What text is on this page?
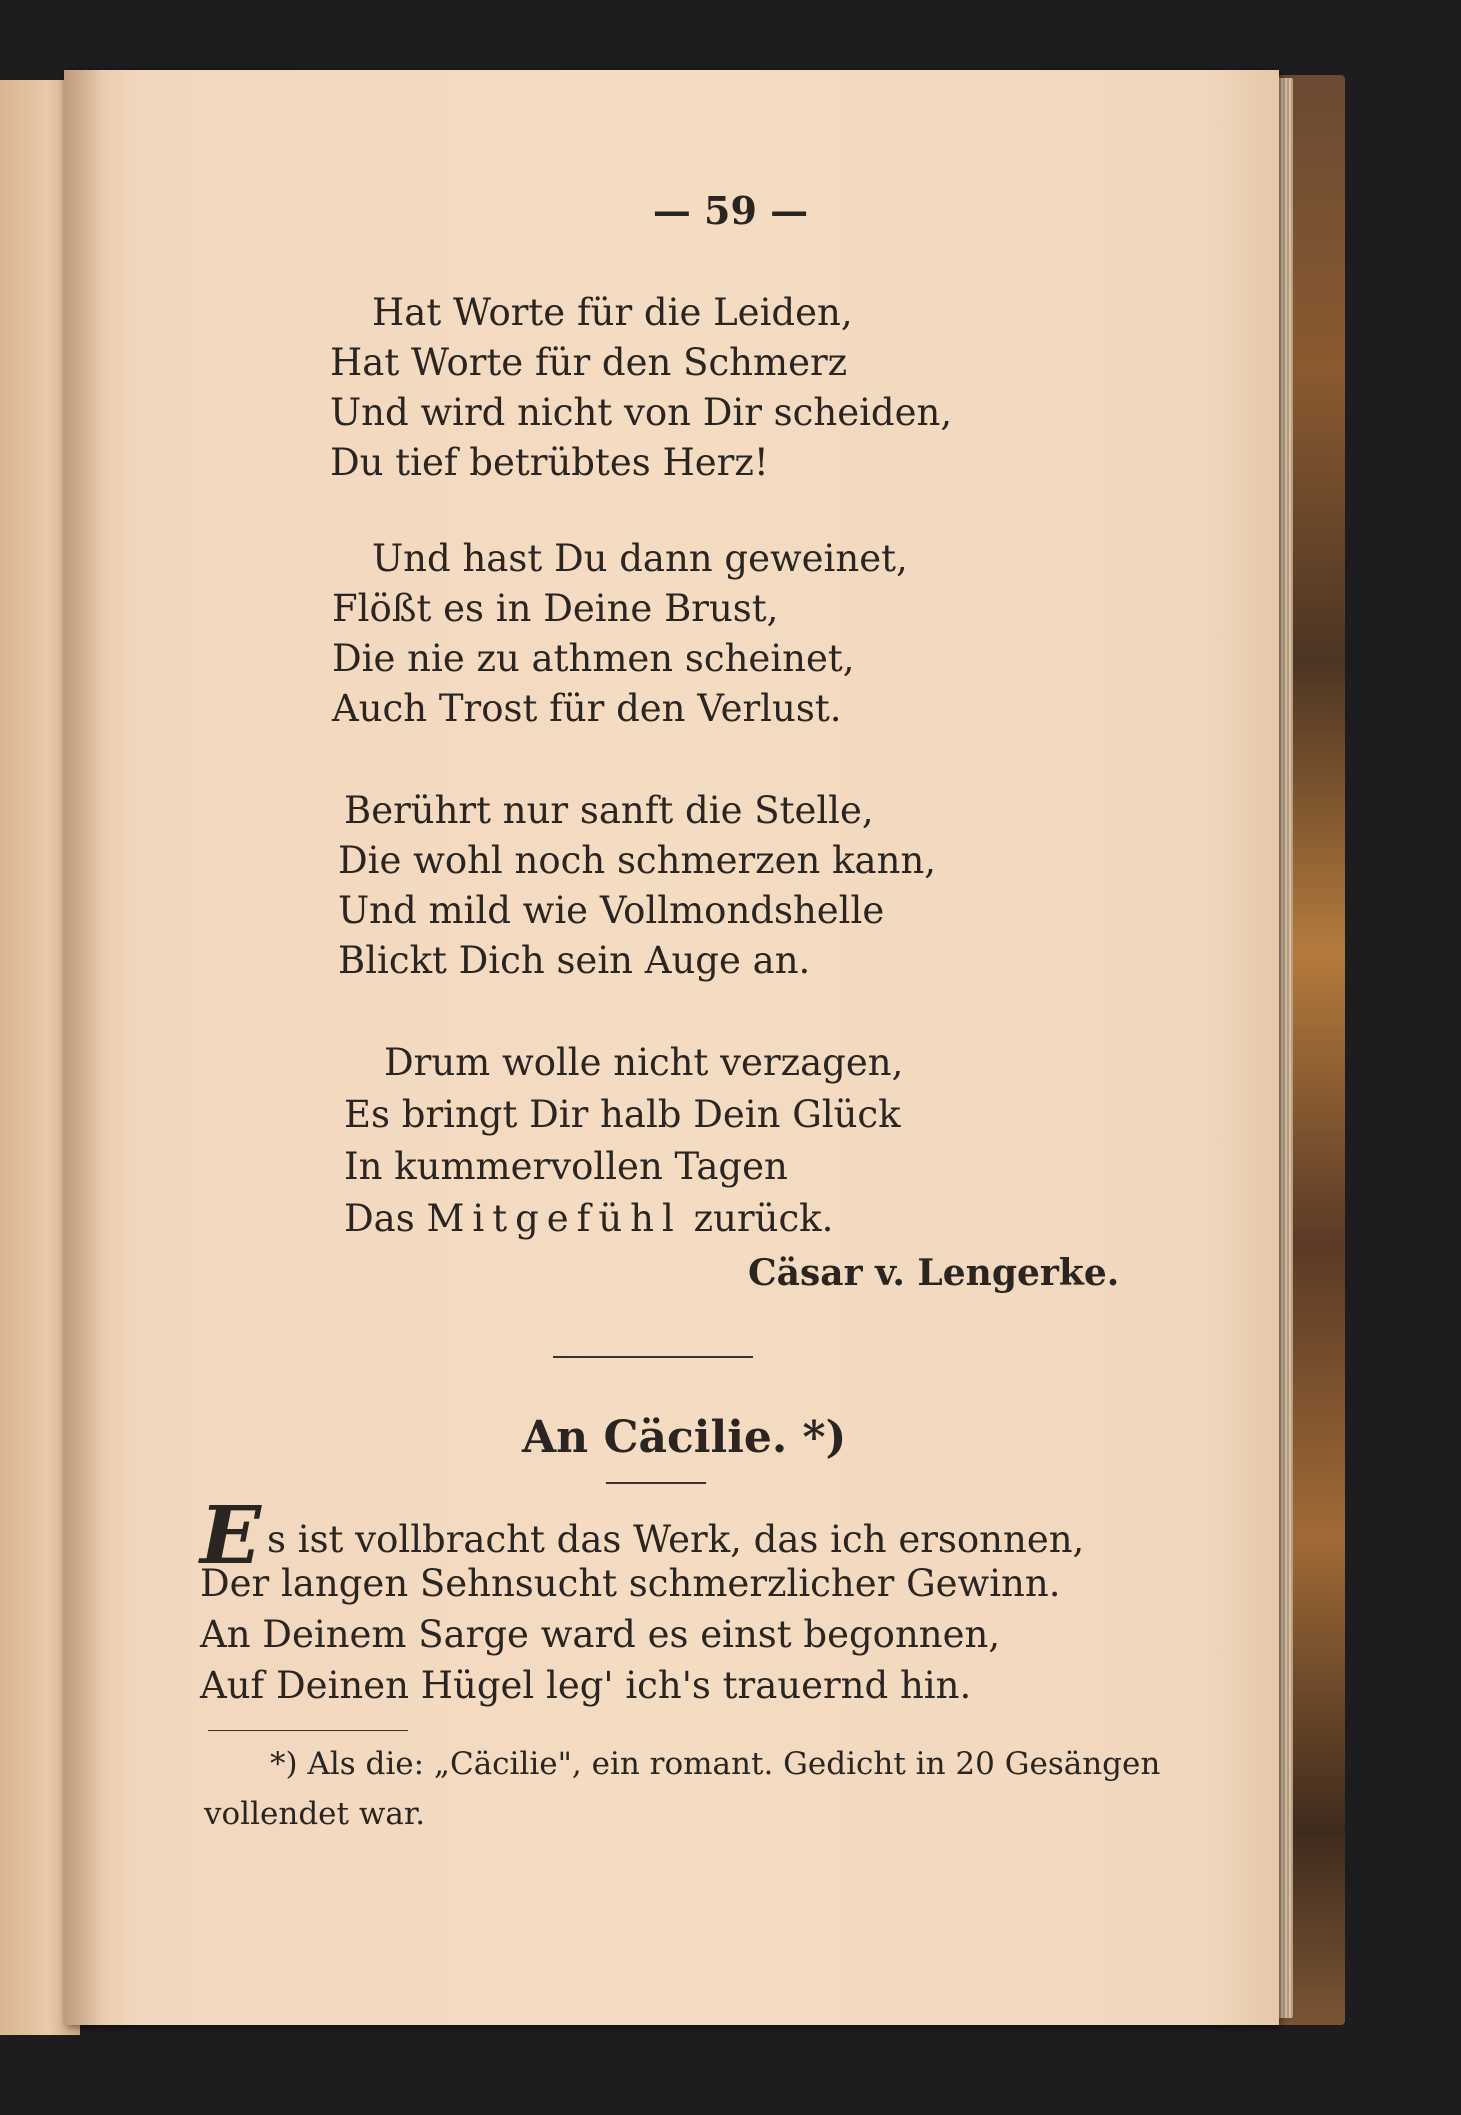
— 59 —
Hat Worte für die Leiden,
Hat Worte für den Schmerz
Und wird nicht von Dir scheiden,
Du tief betrübtes Herz!
Und hast Du dann geweinet,
Flößt es in Deine Brust,
Die nie zu athmen scheinet,
Auch Trost für den Verlust.
Berührt nur sanft die Stelle,
Die wohl noch schmerzen kann,
Und mild wie Vollmondshelle
Blickt Dich sein Auge an.
Drum wolle nicht verzagen,
Es bringt Dir halb Dein Glück
In kummervollen Tagen
Das Mitgefühl zurück.
Cäsar v. Lengerke.
An Cäcilie. *)
E s ist vollbracht das Werk, das ich ersonnen,
Der langen Sehnsucht schmerzlicher Gewinn.
An Deinem Sarge ward es einst begonnen,
Auf Deinen Hügel leg' ich's trauernd hin.
*) Als die: „Cäcilie", ein romant. Gedicht in 20 Gesängen
vollendet war.
